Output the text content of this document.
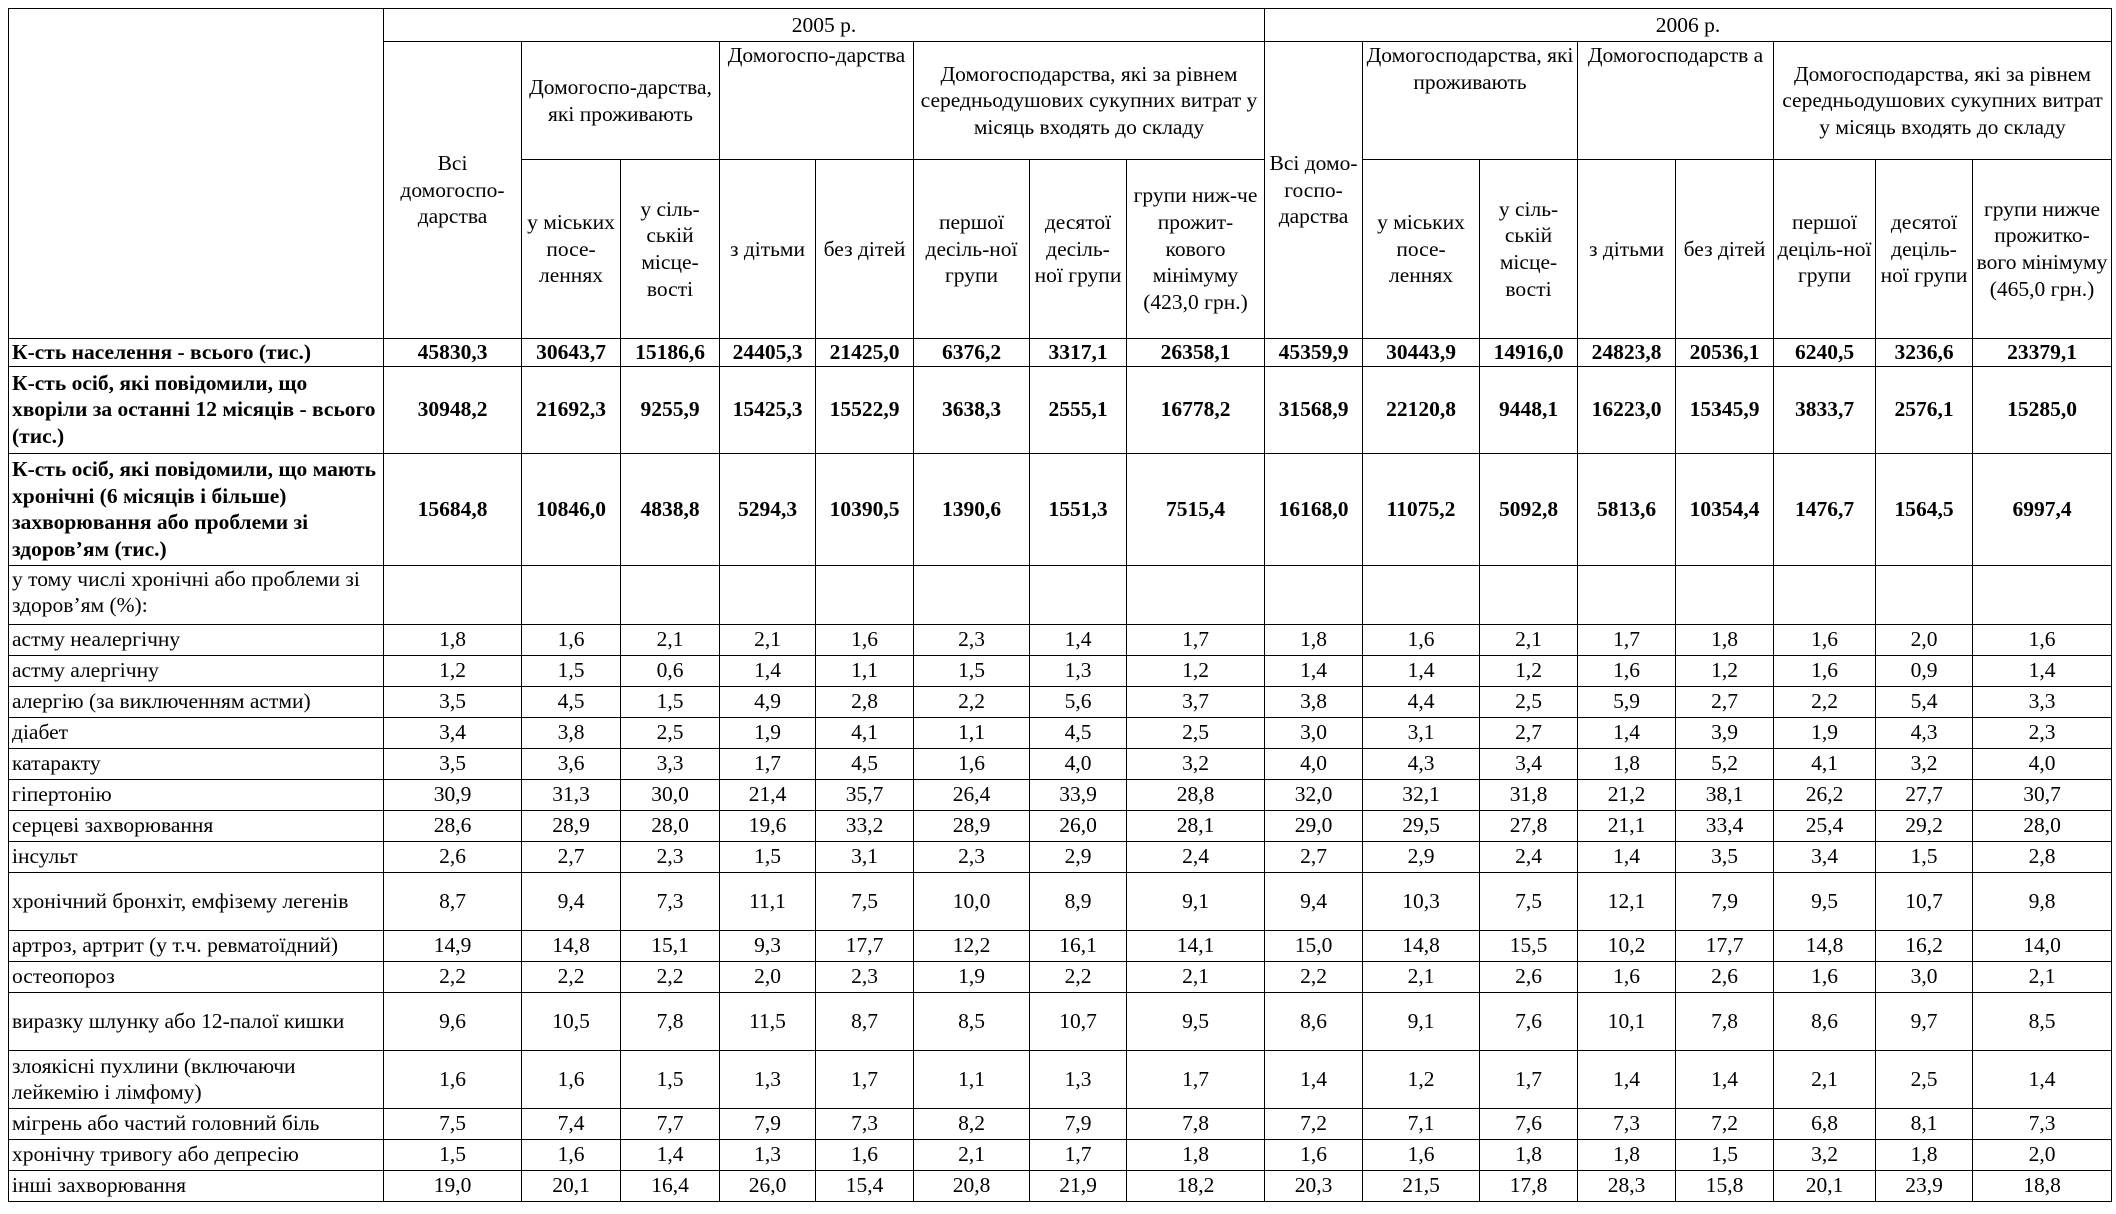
	2005 р.								2006 р.							
	Всі домогоспо-дарства	Домогоспо-дарства, які проживають		Домогоспо-дарства		Домогосподарства, які за рівнем середньодушових сукупних витрат у місяць входять до складу			Всі домо-госпо-дарства	Домогосподарства, які проживають		Домогосподарств а		Домогосподарства, які за рівнем середньодушових сукупних витрат у місяць входять до складу		
		у міських посе-леннях	у сіль-ській місце-вості	з дітьми	без дітей	першої деciль-ної групи	десятої деciль-ної групи	групи ниж-че прожит-кового мінімуму (423,0 грн.)		у міських посе-леннях	у сіль-ській місце-вості	з дітьми	без дітей	першої деціль-ної групи	десятої деціль-ної групи	групи нижче прожитко-вого мінімуму (465,0 грн.)
К-сть населення - всього (тис.)	45830,3	30643,7	15186,6	24405,3	21425,0	6376,2	3317,1	26358,1	45359,9	30443,9	14916,0	24823,8	20536,1	6240,5	3236,6	23379,1
К-сть осіб, які повідомили, що хворіли за останні 12 місяців - всього (тис.)	30948,2	21692,3	9255,9	15425,3	15522,9	3638,3	2555,1	16778,2	31568,9	22120,8	9448,1	16223,0	15345,9	3833,7	2576,1	15285,0
К-сть осіб, які повідомили, що мають хронічні (6 місяців і більше) захворювання або проблеми зі здоров’ям (тис.)	15684,8	10846,0	4838,8	5294,3	10390,5	1390,6	1551,3	7515,4	16168,0	11075,2	5092,8	5813,6	10354,4	1476,7	1564,5	6997,4
у тому числі хронічні або проблеми зі здоров’ям (%):																
астму неалергічну	1,8	1,6	2,1	2,1	1,6	2,3	1,4	1,7	1,8	1,6	2,1	1,7	1,8	1,6	2,0	1,6
астму алергічну	1,2	1,5	0,6	1,4	1,1	1,5	1,3	1,2	1,4	1,4	1,2	1,6	1,2	1,6	0,9	1,4
алергію (за виключенням астми)	3,5	4,5	1,5	4,9	2,8	2,2	5,6	3,7	3,8	4,4	2,5	5,9	2,7	2,2	5,4	3,3
діабет	3,4	3,8	2,5	1,9	4,1	1,1	4,5	2,5	3,0	3,1	2,7	1,4	3,9	1,9	4,3	2,3
катаракту	3,5	3,6	3,3	1,7	4,5	1,6	4,0	3,2	4,0	4,3	3,4	1,8	5,2	4,1	3,2	4,0
гіпертонію	30,9	31,3	30,0	21,4	35,7	26,4	33,9	28,8	32,0	32,1	31,8	21,2	38,1	26,2	27,7	30,7
серцеві захворювання	28,6	28,9	28,0	19,6	33,2	28,9	26,0	28,1	29,0	29,5	27,8	21,1	33,4	25,4	29,2	28,0
інсульт	2,6	2,7	2,3	1,5	3,1	2,3	2,9	2,4	2,7	2,9	2,4	1,4	3,5	3,4	1,5	2,8
хронічний бронхіт, емфізему легенів	8,7	9,4	7,3	11,1	7,5	10,0	8,9	9,1	9,4	10,3	7,5	12,1	7,9	9,5	10,7	9,8
артроз, артрит (у т.ч. ревматоїдний)	14,9	14,8	15,1	9,3	17,7	12,2	16,1	14,1	15,0	14,8	15,5	10,2	17,7	14,8	16,2	14,0
остеопороз	2,2	2,2	2,2	2,0	2,3	1,9	2,2	2,1	2,2	2,1	2,6	1,6	2,6	1,6	3,0	2,1
виразку шлунку або 12-палої кишки	9,6	10,5	7,8	11,5	8,7	8,5	10,7	9,5	8,6	9,1	7,6	10,1	7,8	8,6	9,7	8,5
злоякісні пухлини (включаючи лейкемію і лімфому)	1,6	1,6	1,5	1,3	1,7	1,1	1,3	1,7	1,4	1,2	1,7	1,4	1,4	2,1	2,5	1,4
мігрень або частий головний біль	7,5	7,4	7,7	7,9	7,3	8,2	7,9	7,8	7,2	7,1	7,6	7,3	7,2	6,8	8,1	7,3
хронічну тривогу або депресію	1,5	1,6	1,4	1,3	1,6	2,1	1,7	1,8	1,6	1,6	1,8	1,8	1,5	3,2	1,8	2,0
інші захворювання	19,0	20,1	16,4	26,0	15,4	20,8	21,9	18,2	20,3	21,5	17,8	28,3	15,8	20,1	23,9	18,8
